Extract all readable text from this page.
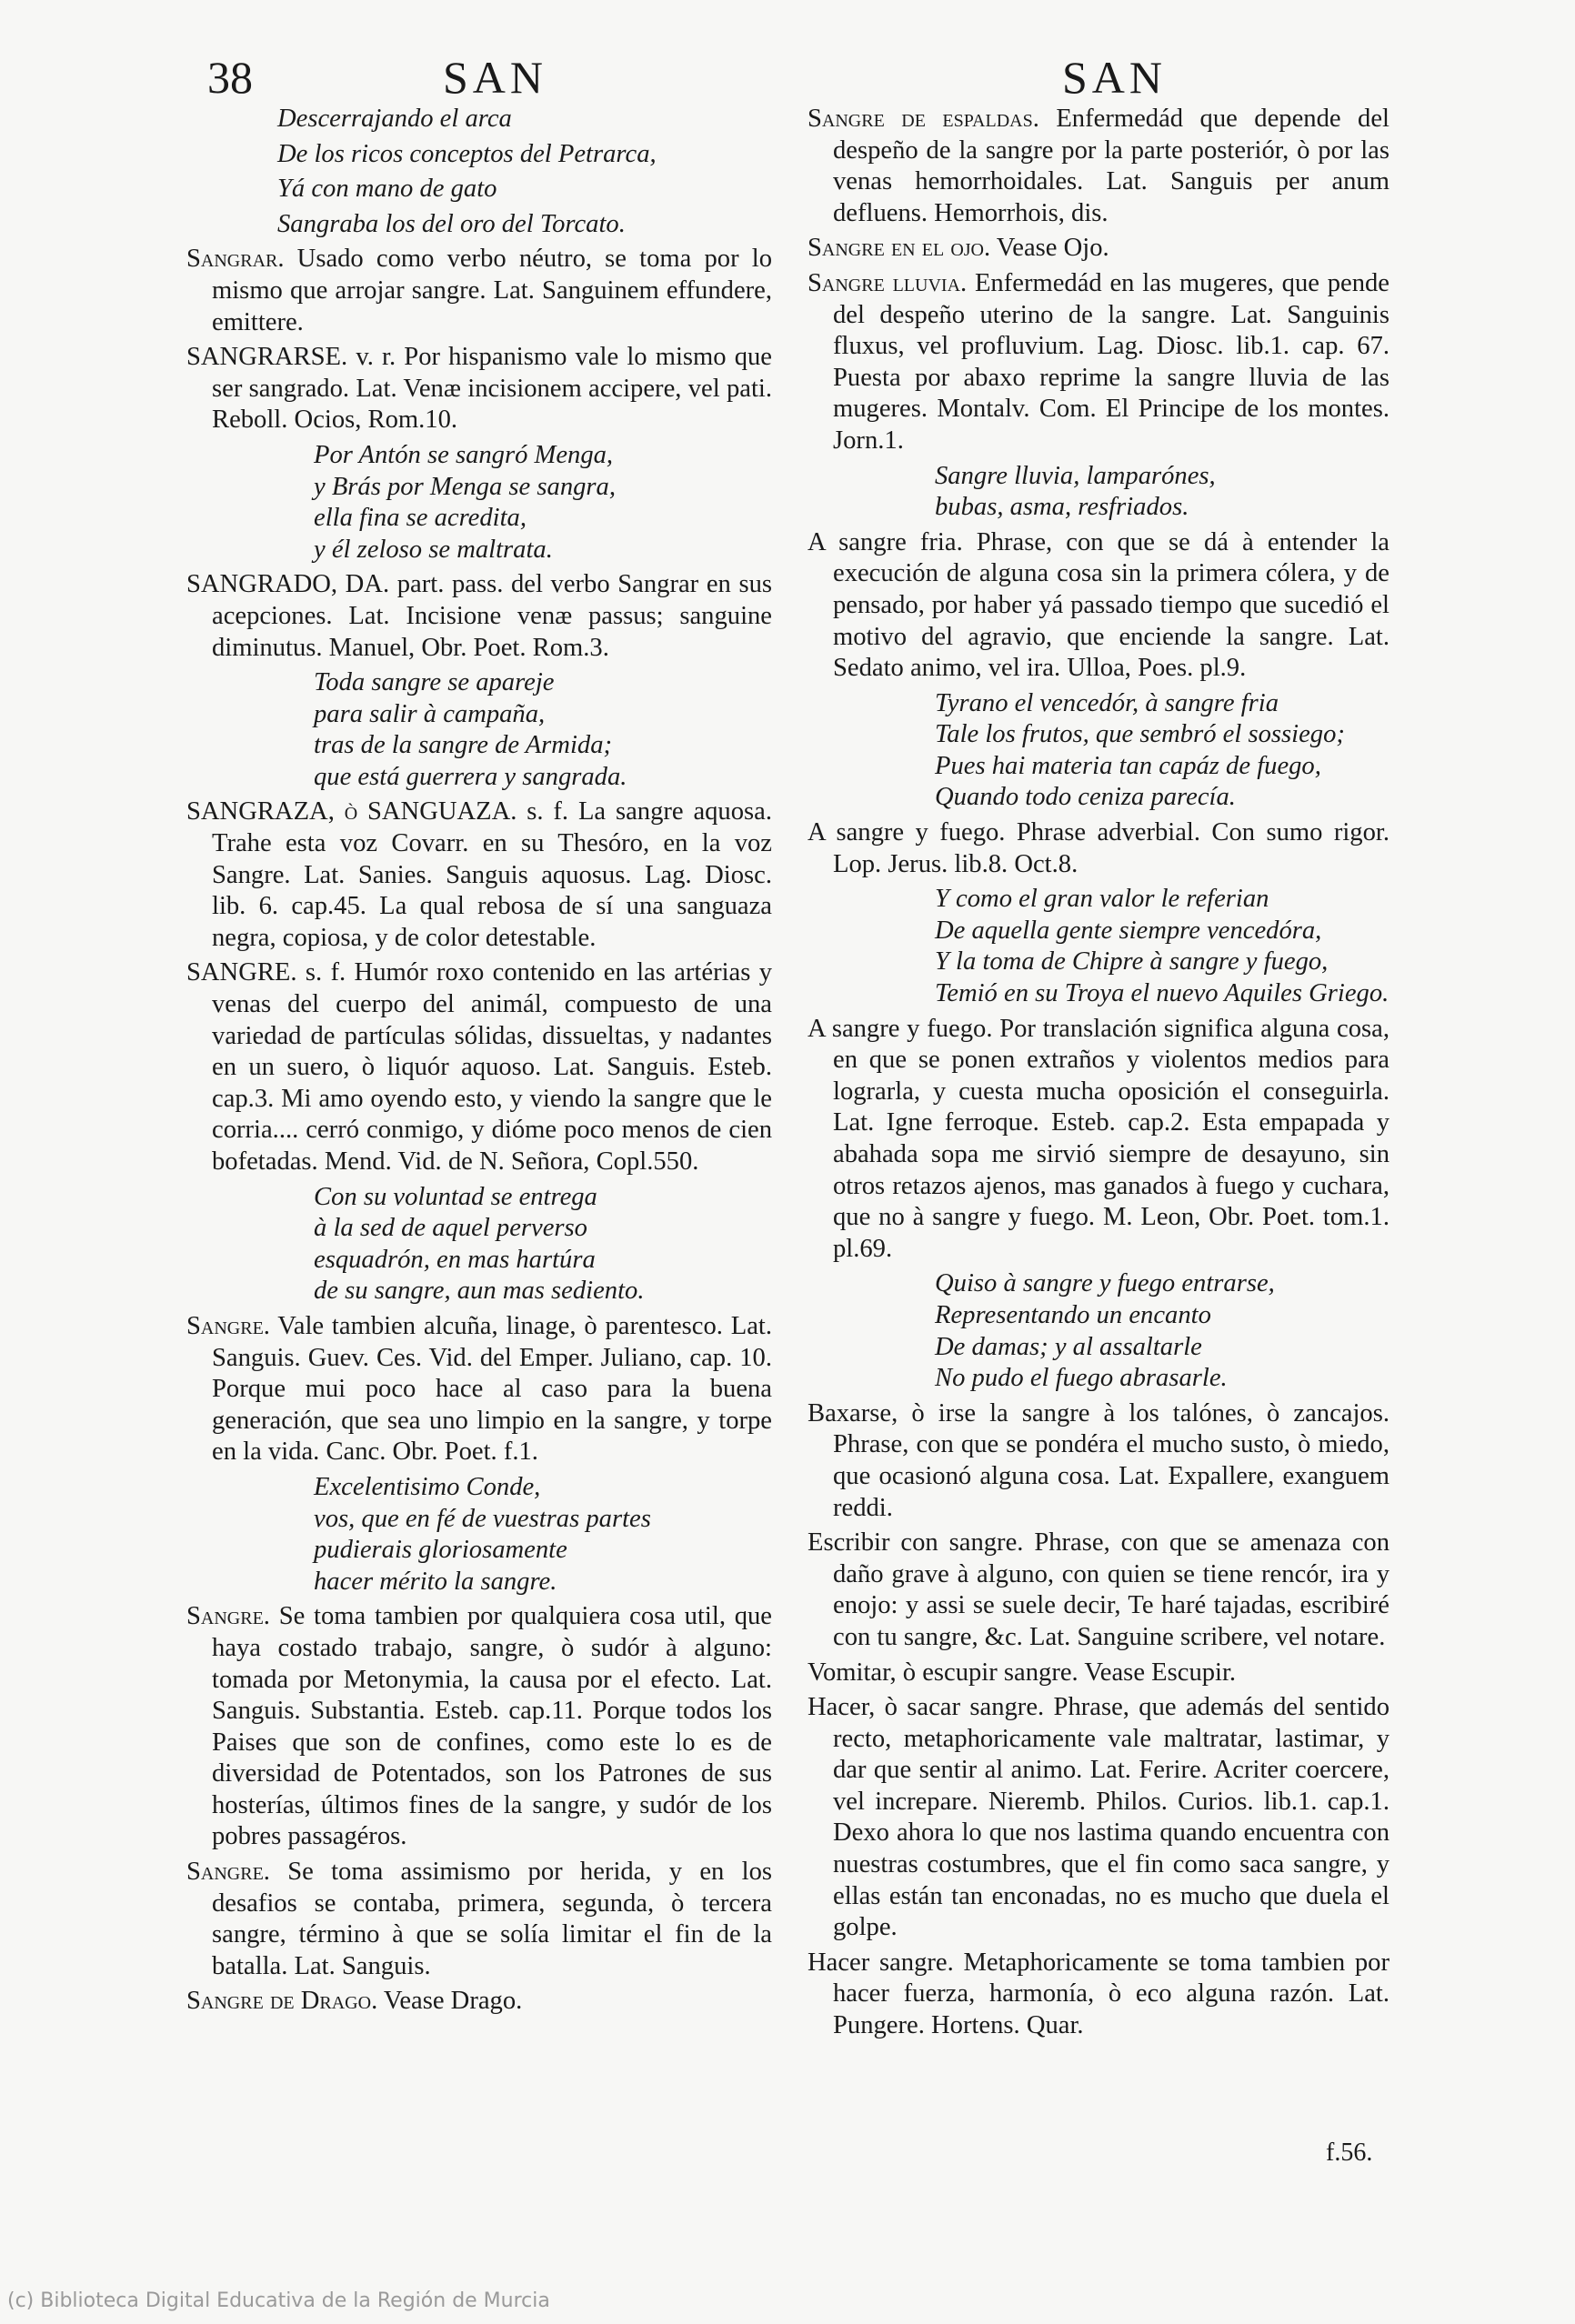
38	SAN	SAN
Descerrajando el arca
De los ricos conceptos del Petrarca,
Yá con mano de gato
Sangraba los del oro del Torcato.
Sangrar. Usado como verbo néutro, se toma por lo mismo que arrojar sangre. Lat. Sanguinem effundere, emittere.
SANGRARSE. v. r. Por hispanismo vale lo mismo que ser sangrado. Lat. Venæ incisionem accipere, vel pati. Reboll. Ocios, Rom.10.
Por Antón se sangró Menga,
y Brás por Menga se sangra,
ella fina se acredita,
y él zeloso se maltrata.
SANGRADO, DA. part. pass. del verbo Sangrar en sus acepciones. Lat. Incisione venæ passus; sanguine diminutus. Manuel, Obr. Poet. Rom.3.
Toda sangre se apareje
para salir à campaña,
tras de la sangre de Armida;
que está guerrera y sangrada.
SANGRAZA, ò SANGUAZA. s. f. La sangre aquosa. Trahe esta voz Covarr. en su Thesóro, en la voz Sangre. Lat. Sanies. Sanguis aquosus. Lag. Diosc. lib. 6. cap.45. La qual rebosa de sí una sanguaza negra, copiosa, y de color detestable.
SANGRE. s. f. Humór roxo contenido en las artérias y venas del cuerpo del animál, compuesto de una variedad de partículas sólidas, dissueltas, y nadantes en un suero, ò liquór aquoso. Lat. Sanguis. Esteb. cap.3. Mi amo oyendo esto, y viendo la sangre que le corria.... cerró conmigo, y dióme poco menos de cien bofetadas. Mend. Vid. de N. Señora, Copl.550.
Con su voluntad se entrega
à la sed de aquel perverso
esquadrón, en mas hartúra
de su sangre, aun mas sediento.
Sangre. Vale tambien alcuña, linage, ò parentesco. Lat. Sanguis. Guev. Ces. Vid. del Emper. Juliano, cap. 10. Porque mui poco hace al caso para la buena generación, que sea uno limpio en la sangre, y torpe en la vida. Canc. Obr. Poet. f.1.
Excelentisimo Conde,
vos, que en fé de vuestras partes
pudierais gloriosamente
hacer mérito la sangre.
Sangre. Se toma tambien por qualquiera cosa util, que haya costado trabajo, sangre, ò sudór à alguno: tomada por Metonymia, la causa por el efecto. Lat. Sanguis. Substantia. Esteb. cap.11. Porque todos los Paises que son de confines, como este lo es de diversidad de Potentados, son los Patrones de sus hosterías, últimos fines de la sangre, y sudór de los pobres passagéros.
Sangre. Se toma assimismo por herida, y en los desafios se contaba, primera, segunda, ò tercera sangre, término à que se solía limitar el fin de la batalla. Lat. Sanguis.
Sangre de Drago. Vease Drago.
Sangre de espaldas. Enfermedád que depende del despeño de la sangre por la parte posteriór, ò por las venas hemorrhoidales. Lat. Sanguis per anum defluens. Hemorrhois, dis.
Sangre en el ojo. Vease Ojo.
Sangre lluvia. Enfermedád en las mugeres, que pende del despeño uterino de la sangre. Lat. Sanguinis fluxus, vel profluvium. Lag. Diosc. lib.1. cap. 67. Puesta por abaxo reprime la sangre lluvia de las mugeres. Montalv. Com. El Principe de los montes. Jorn.1.
Sangre lluvia, lamparónes,
bubas, asma, resfriados.
A sangre fria. Phrase, con que se dá à entender la execución de alguna cosa sin la primera cólera, y de pensado, por haber yá passado tiempo que sucedió el motivo del agravio, que enciende la sangre. Lat. Sedato animo, vel ira. Ulloa, Poes. pl.9.
Tyrano el vencedór, à sangre fria
Tale los frutos, que sembró el sossiego;
Pues hai materia tan capáz de fuego,
Quando todo ceniza parecía.
A sangre y fuego. Phrase adverbial. Con sumo rigor. Lop. Jerus. lib.8. Oct.8.
Y como el gran valor le referian
De aquella gente siempre vencedóra,
Y la toma de Chipre à sangre y fuego,
Temió en su Troya el nuevo Aquiles Griego.
A sangre y fuego. Por translación significa alguna cosa, en que se ponen extraños y violentos medios para lograrla, y cuesta mucha oposición el conseguirla. Lat. Igne ferroque. Esteb. cap.2. Esta empapada y abahada sopa me sirvió siempre de desayuno, sin otros retazos ajenos, mas ganados à fuego y cuchara, que no à sangre y fuego. M. Leon, Obr. Poet. tom.1. pl.69.
Quiso à sangre y fuego entrarse,
Representando un encanto
De damas; y al assaltarle
No pudo el fuego abrasarle.
Baxarse, ò irse la sangre à los talónes, ò zancajos. Phrase, con que se pondéra el mucho susto, ò miedo, que ocasionó alguna cosa. Lat. Expallere, exanguem reddi.
Escribir con sangre. Phrase, con que se amenaza con daño grave à alguno, con quien se tiene rencór, ira y enojo: y assi se suele decir, Te haré tajadas, escribiré con tu sangre, &c. Lat. Sanguine scribere, vel notare.
Vomitar, ò escupir sangre. Vease Escupir.
Hacer, ò sacar sangre. Phrase, que además del sentido recto, metaphoricamente vale maltratar, lastimar, y dar que sentir al animo. Lat. Ferire. Acriter coercere, vel increpare. Nieremb. Philos. Curios. lib.1. cap.1. Dexo ahora lo que nos lastima quando encuentra con nuestras costumbres, que el fin como saca sangre, y ellas están tan enconadas, no es mucho que duela el golpe.
Hacer sangre. Metaphoricamente se toma tambien por hacer fuerza, harmonía, ò eco alguna razón. Lat. Pungere. Hortens. Quar.
f.56.
(c) Biblioteca Digital Educativa de la Región de Murcia
